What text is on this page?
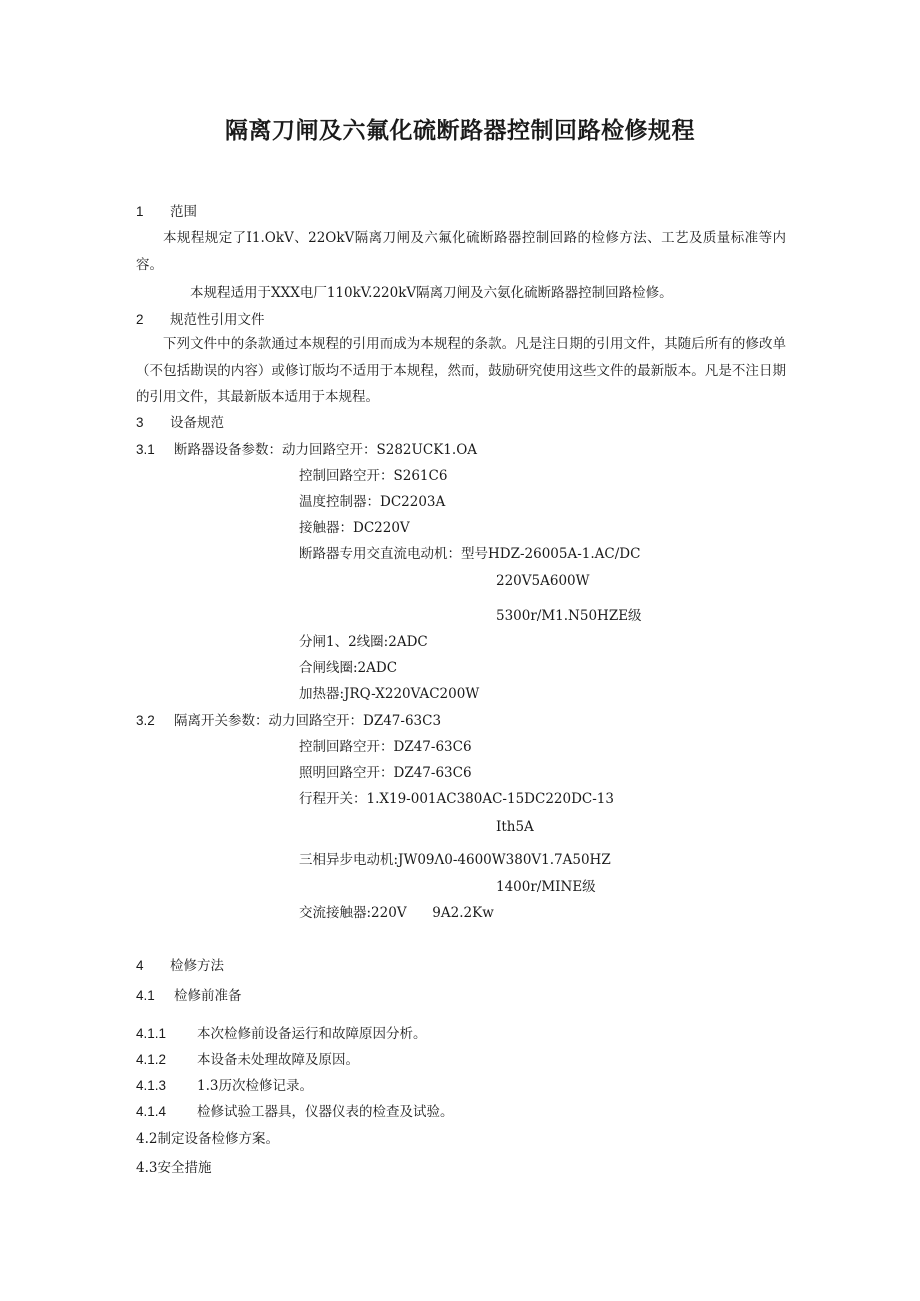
隔离刀闸及六氟化硫断路器控制回路检修规程
1 范围
本规程规定了I1.OkV、22OkV隔离刀闸及六氟化硫断路器控制回路的检修方法、工艺及质量标准等内容。
本规程适用于XXX电厂110kV.220kV隔离刀闸及六氨化硫断路器控制回路检修。
2 规范性引用文件
下列文件中的条款通过本规程的引用而成为本规程的条款。凡是注日期的引用文件，其随后所有的修改单（不包括勘误的内容）或修订版均不适用于本规程，然而，鼓励研究使用这些文件的最新版本。凡是不注日期的引用文件，其最新版本适用于本规程。
3 设备规范
3.1 断路器设备参数：动力回路空开：S282UCK1.OA
控制回路空开：S261C6
温度控制器：DC2203A
接触器：DC220V
断路器专用交直流电动机：型号HDZ-26005A-1.AC/DC
220V5A600W
5300r/M1.N50HZE级
分闸1、2线圈:2ADC
合闸线圈:2ADC
加热器:JRQ-X220VAC200W
3.2 隔离开关参数：动力回路空开：DZ47-63C3
控制回路空开：DZ47-63C6
照明回路空开：DZ47-63C6
行程开关：1.X19-001AC380AC-15DC220DC-13
Ith5A
三相异步电动机:JW09Λ0-4600W380V1.7A50HZ
1400r/MINE级
交流接触器:220V      9A2.2Kw
4 检修方法
4.1 检修前准备
4.1.1 本次检修前设备运行和故障原因分析。
4.1.2 本设备未处理故障及原因。
4.1.3 1.3历次检修记录。
4.1.4 检修试验工器具，仪器仪表的检查及试验。
4.2制定设备检修方案。
4.3安全措施
